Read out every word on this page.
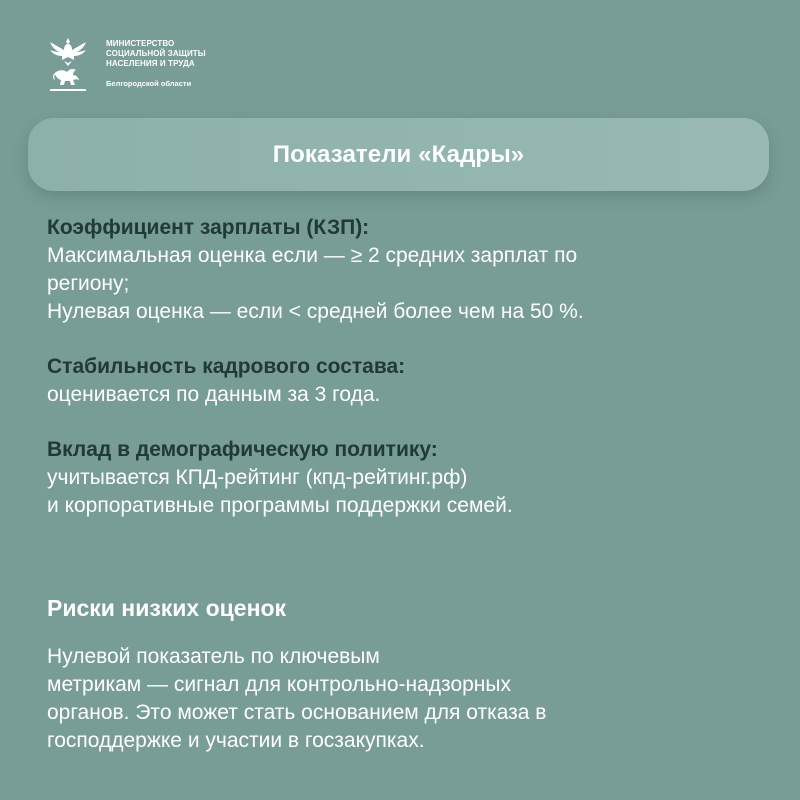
МИНИСТЕРСТВО
СОЦИАЛЬНОЙ ЗАЩИТЫ
НАСЕЛЕНИЯ И ТРУДА
Белгородской области
Показатели «Кадры»
Коэффициент зарплаты (КЗП):
Максимальная оценка если — ≥ 2 средних зарплат по
региону;
Нулевая оценка — если < средней более чем на 50 %.
Стабильность кадрового состава:
оценивается по данным за 3 года.
Вклад в демографическую политику:
учитывается КПД-рейтинг (кпд-рейтинг.рф)
и корпоративные программы поддержки семей.
Риски низких оценок
Нулевой показатель по ключевым
метрикам — сигнал для контрольно-надзорных
органов. Это может стать основанием для отказа в
господдержке и участии в госзакупках.
